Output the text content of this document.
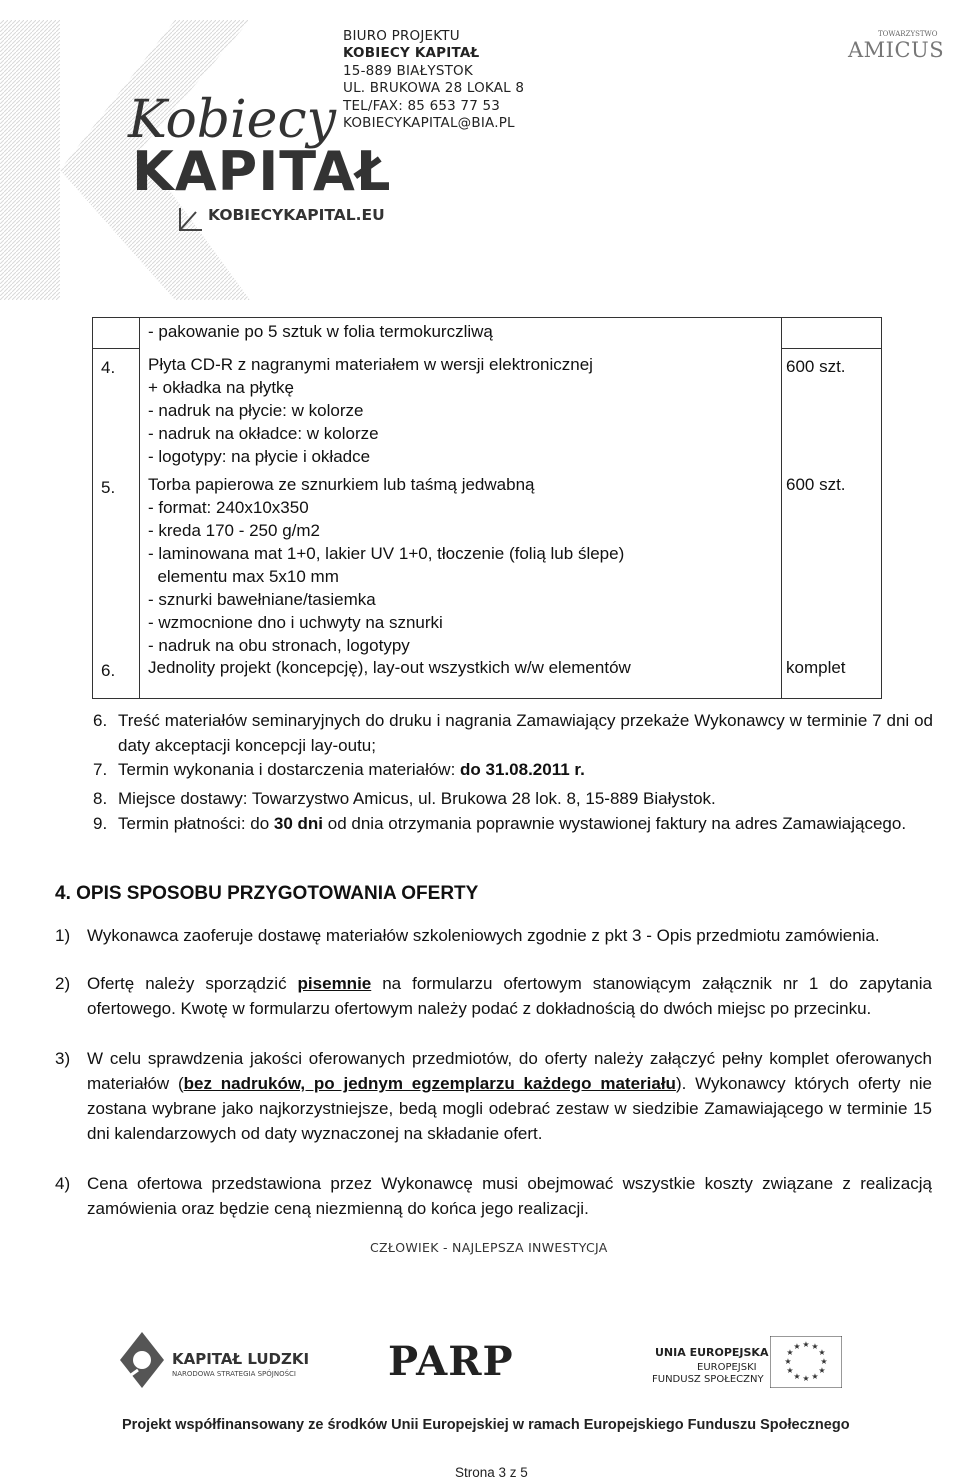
BIURO PROJEKTU
KOBIECY KAPITAŁ
15-889 BIAŁYSTOK
UL. BRUKOWA 28 LOKAL 8
TEL/FAX: 85 653 77 53
KOBIECYKAPITAL@BIA.PL
Kobiecy
KAPITAŁ
KOBIECYKAPITAL.EU
TOWARZYSTWO
AMICUS
- pakowanie po 5 sztuk w folia termokurczliwą
4. Płyta CD-R z nagranymi materiałem w wersji elektronicznej
+ okładka na płytkę
- nadruk na płycie: w kolorze
- nadruk na okładce: w kolorze
- logotypy: na płycie i okładce
600 szt.
5. Torba papierowa ze sznurkiem lub taśmą jedwabną
- format: 240x10x350
- kreda 170 - 250 g/m2
- laminowana mat 1+0, lakier UV 1+0, tłoczenie (folią lub ślepe)
elementu max 5x10 mm
- sznurki bawełniane/tasiemka
- wzmocnione dno i uchwyty na sznurki
- nadruk na obu stronach, logotypy
600 szt.
6. Jednolity projekt (koncepcję), lay-out wszystkich w/w elementów	komplet
6. Treść materiałów seminaryjnych do druku i nagrania Zamawiający przekaże Wykonawcy w terminie 7 dni od daty akceptacji koncepcji lay-outu;
7. Termin wykonania i dostarczenia materiałów: do 31.08.2011 r.
8. Miejsce dostawy: Towarzystwo Amicus, ul. Brukowa 28 lok. 8, 15-889 Białystok.
9. Termin płatności: do 30 dni od dnia otrzymania poprawnie wystawionej faktury na adres Zamawiającego.
4. OPIS SPOSOBU PRZYGOTOWANIA OFERTY
1) Wykonawca zaoferuje dostawę materiałów szkoleniowych zgodnie z pkt 3 - Opis przedmiotu zamówienia.
2) Ofertę należy sporządzić pisemnie na formularzu ofertowym stanowiącym załącznik nr 1 do zapytania ofertowego. Kwotę w formularzu ofertowym należy podać z dokładnością do dwóch miejsc po przecinku.
3) W celu sprawdzenia jakości oferowanych przedmiotów, do oferty należy załączyć pełny komplet oferowanych materiałów (bez nadruków, po jednym egzemplarzu każdego materiału). Wykonawcy których oferty nie zostana wybrane jako najkorzystniejsze, bedą mogli odebrać zestaw w siedzibie Zamawiającego w terminie 15 dni kalendarzowych od daty wyznaczonej na składanie ofert.
4) Cena ofertowa przedstawiona przez Wykonawcę musi obejmować wszystkie koszty związane z realizacją zamówienia oraz będzie ceną niezmienną do końca jego realizacji.
CZŁOWIEK - NAJLEPSZA INWESTYCJA
KAPITAŁ LUDZKI
NARODOWA STRATEGIA SPÓJNOŚCI PARP	UNIA EUROPEJSKA
EUROPEJSKI
FUNDUSZ SPOŁECZNY
★ ★
★
★
★
★
★
★
★
★
★
★
Projekt współfinansowany ze środków Unii Europejskiej w ramach Europejskiego Funduszu Społecznego
Strona 3 z 5
